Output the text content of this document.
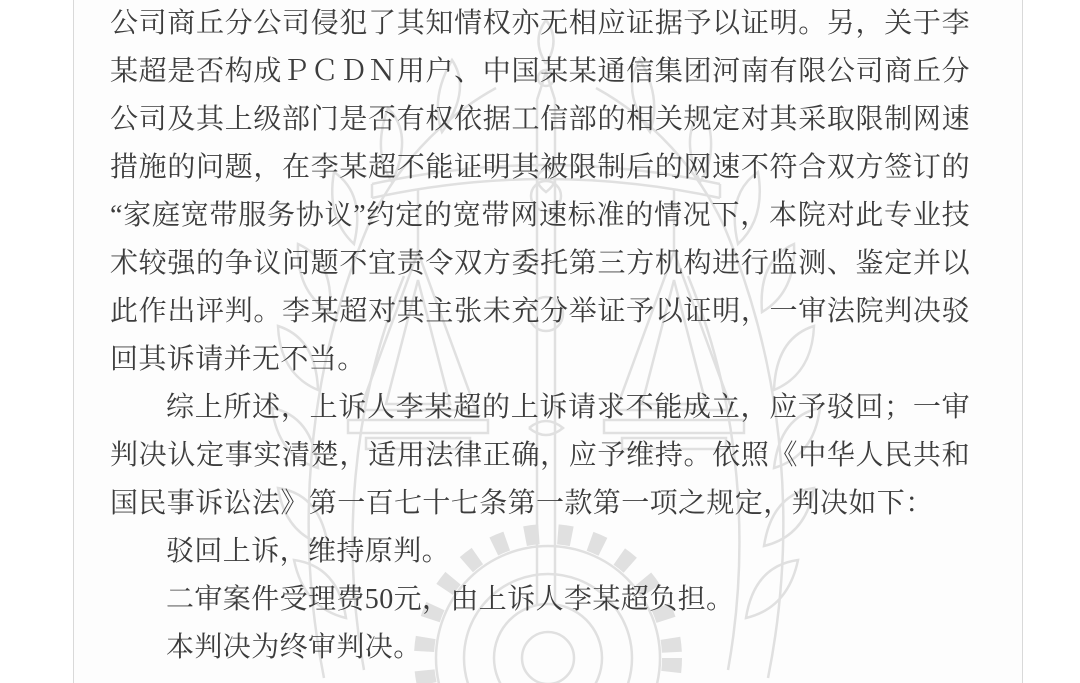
公司商丘分公司侵犯了其知情权亦无相应证据予以证明。另，关于李某超是否构成ＰＣＤＮ用户、中国某某通信集团河南有限公司商丘分公司及其上级部门是否有权依据工信部的相关规定对其采取限制网速措施的问题，在李某超不能证明其被限制后的网速不符合双方签订的“家庭宽带服务协议”约定的宽带网速标准的情况下，本院对此专业技术较强的争议问题不宜责令双方委托第三方机构进行监测、鉴定并以此作出评判。李某超对其主张未充分举证予以证明，一审法院判决驳回其诉请并无不当。

综上所述，上诉人李某超的上诉请求不能成立，应予驳回；一审判决认定事实清楚，适用法律正确，应予维持。依照《中华人民共和国民事诉讼法》第一百七十七条第一款第一项之规定，判决如下：

驳回上诉，维持原判。

二审案件受理费50元，由上诉人李某超负担。

本判决为终审判决。
